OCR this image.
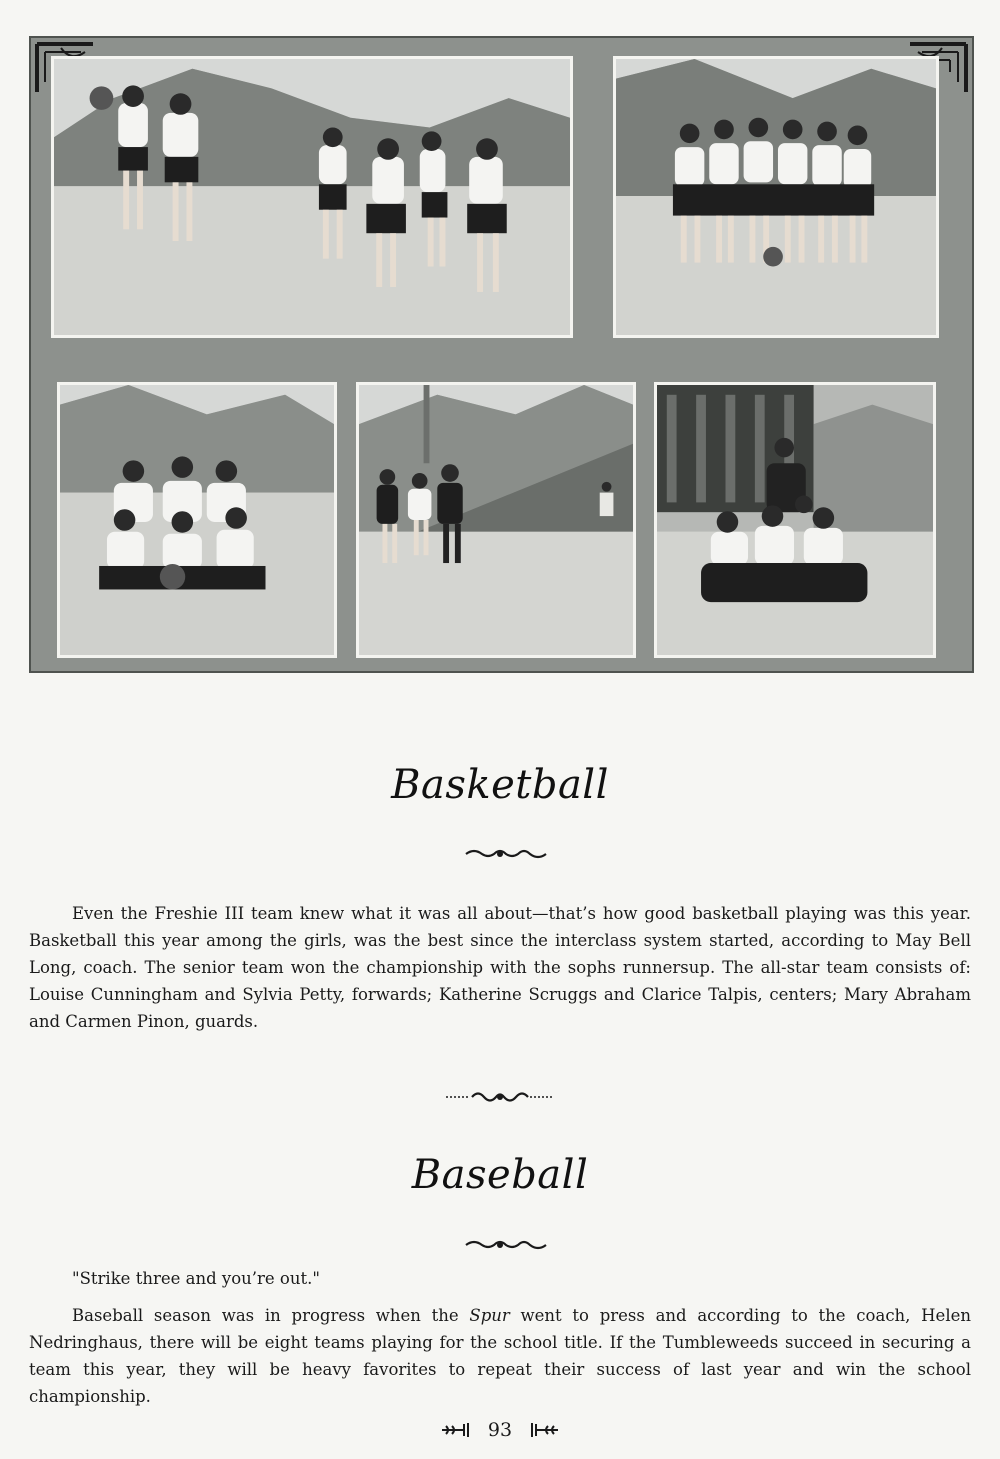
Basketball

Even the Freshie III team knew what it was all about—that’s how good basketball playing was this year. Basketball this year among the girls, was the best since the interclass system started, according to May Bell Long, coach. The senior team won the championship with the sophs runnersup. The all-star team consists of: Louise Cunningham and Sylvia Petty, forwards; Katherine Scruggs and Clarice Talpis, centers; Mary Abraham and Carmen Pinon, guards.

Baseball

"Strike three and you’re out."

Baseball season was in progress when the Spur went to press and according to the coach, Helen Nedringhaus, there will be eight teams playing for the school title. If the Tumbleweeds succeed in securing a team this year, they will be heavy favorites to repeat their success of last year and win the school championship.

93
